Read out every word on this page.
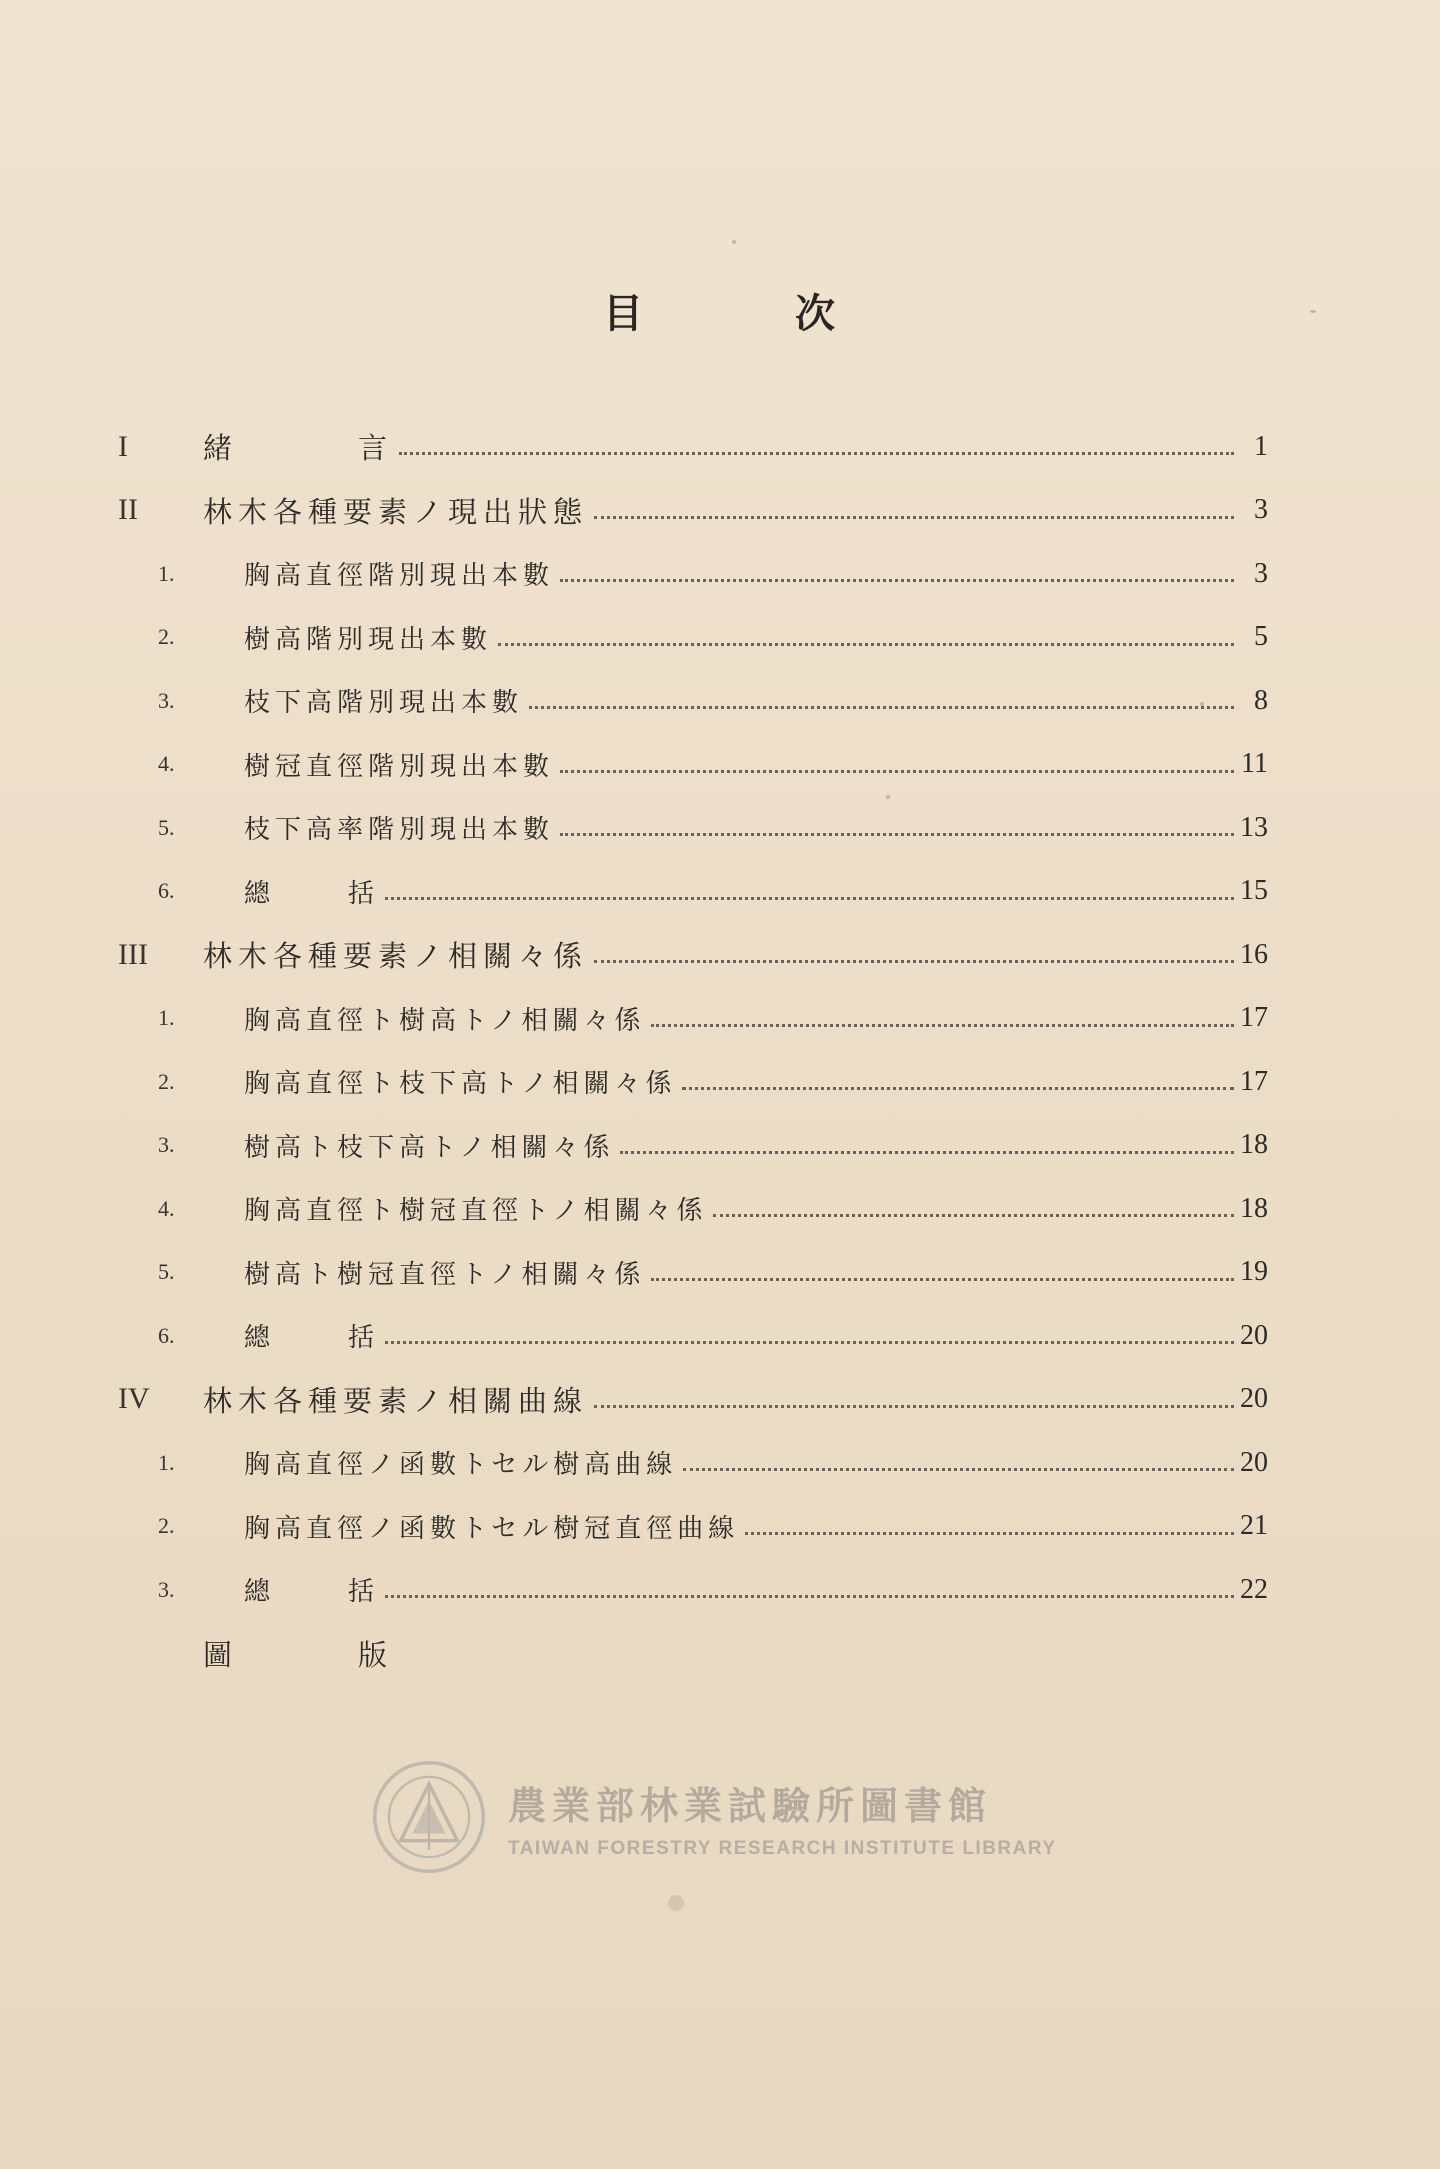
目	次
I	緒	言	1
II	林木各種要素ノ現出狀態	3
1.	胸高直徑階別現出本數	3
2.	樹高階別現出本數	5
3.	枝下高階別現出本數	8
4.	樹冠直徑階別現出本數	11
5.	枝下高率階別現出本數	13
6.	總	括	15
III	林木各種要素ノ相關々係	16
1.	胸高直徑ト樹高トノ相關々係	17
2.	胸高直徑ト枝下高トノ相關々係	17
3.	樹高ト枝下高トノ相關々係	18
4.	胸高直徑ト樹冠直徑トノ相關々係	18
5.	樹高ト樹冠直徑トノ相關々係	19
6.	總	括	20
IV	林木各種要素ノ相關曲線	20
1.	胸高直徑ノ函數トセル樹高曲線	20
2.	胸高直徑ノ函數トセル樹冠直徑曲線	21
3.	總	括	22
圖	版
農業部林業試驗所圖書館
TAIWAN FORESTRY RESEARCH INSTITUTE LIBRARY
